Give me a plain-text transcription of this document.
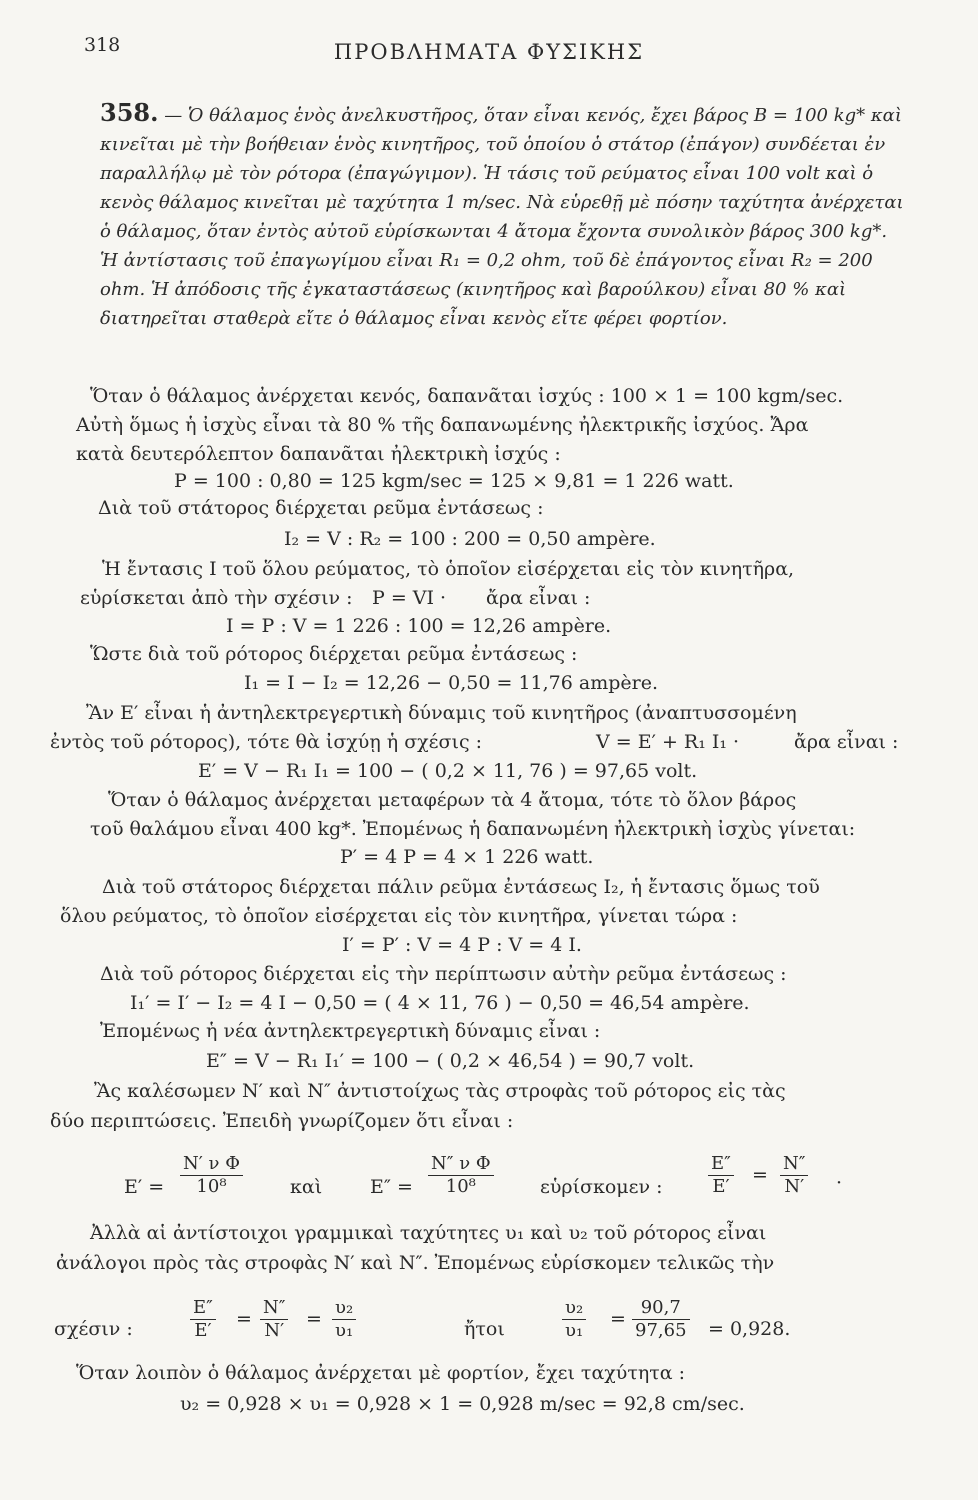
318	ΠΡΟΒΛΗΜΑΤΑ ΦΥΣΙΚΗΣ
358. — Ὁ θάλαμος ἑνὸς ἀνελκυστῆρος, ὅταν εἶναι κενός, ἔχει βάρος B = 100 kg* καὶ κινεῖται μὲ τὴν βοήθειαν ἑνὸς κινητῆρος, τοῦ ὁποίου ὁ στάτορ (ἐπάγον) συνδέεται ἐν παραλλήλῳ μὲ τὸν ρότορα (ἐπαγώγιμον). Ἡ τάσις τοῦ ρεύματος εἶναι 100 volt καὶ ὁ κενὸς θάλαμος κινεῖται μὲ ταχύτητα 1 m/sec. Νὰ εὑρεθῇ μὲ πόσην ταχύτητα ἀνέρχεται ὁ θάλαμος, ὅταν ἐντὸς αὐτοῦ εὑρίσκωνται 4 ἄτομα ἔχοντα συνολικὸν βάρος 300 kg*. Ἡ ἀντίστασις τοῦ ἐπαγωγίμου εἶναι R₁ = 0,2 ohm, τοῦ δὲ ἐπάγοντος εἶναι R₂ = 200 ohm. Ἡ ἀπόδοσις τῆς ἐγκαταστάσεως (κινητῆρος καὶ βαρούλκου) εἶναι 80 % καὶ διατηρεῖται σταθερὰ εἴτε ὁ θάλαμος εἶναι κενὸς εἴτε φέρει φορτίον.
Ὅταν ὁ θάλαμος ἀνέρχεται κενός, δαπανᾶται ἰσχύς : 100 × 1 = 100 kgm/sec.
Αὐτὴ ὅμως ἡ ἰσχὺς εἶναι τὰ 80 % τῆς δαπανωμένης ἠλεκτρικῆς ἰσχύος. Ἄρα
κατὰ δευτερόλεπτον δαπανᾶται ἠλεκτρικὴ ἰσχύς :
P = 100 : 0,80 = 125 kgm/sec = 125 × 9,81 = 1 226 watt.
Διὰ τοῦ στάτορος διέρχεται ρεῦμα ἐντάσεως :
I₂ = V : R₂ = 100 : 200 = 0,50 ampère.
Ἡ ἔντασις I τοῦ ὅλου ρεύματος, τὸ ὁποῖον εἰσέρχεται εἰς τὸν κινητῆρα,
εὑρίσκεται ἀπὸ τὴν σχέσιν : P = VI · ἄρα εἶναι :
I = P : V = 1 226 : 100 = 12,26 ampère.
Ὥστε διὰ τοῦ ρότορος διέρχεται ρεῦμα ἐντάσεως :
I₁ = I − I₂ = 12,26 − 0,50 = 11,76 ampère.
Ἂν E′ εἶναι ἡ ἀντηλεκτρεγερτικὴ δύναμις τοῦ κινητῆρος (ἀναπτυσσομένη
ἐντὸς τοῦ ρότορος), τότε θὰ ἰσχύῃ ἡ σχέσις :	V = E′ + R₁ I₁ ·	ἄρα εἶναι :
E′ = V − R₁ I₁ = 100 − ( 0,2 × 11, 76 ) = 97,65 volt.
Ὅταν ὁ θάλαμος ἀνέρχεται μεταφέρων τὰ 4 ἄτομα, τότε τὸ ὅλον βάρος
τοῦ θαλάμου εἶναι 400 kg*. Ἐπομένως ἡ δαπανωμένη ἠλεκτρικὴ ἰσχὺς γίνεται:
P′ = 4 P = 4 × 1 226 watt.
Διὰ τοῦ στάτορος διέρχεται πάλιν ρεῦμα ἐντάσεως I₂, ἡ ἔντασις ὅμως τοῦ
ὅλου ρεύματος, τὸ ὁποῖον εἰσέρχεται εἰς τὸν κινητῆρα, γίνεται τώρα :
I′ = P′ : V = 4 P : V = 4 I.
Διὰ τοῦ ρότορος διέρχεται εἰς τὴν περίπτωσιν αὐτὴν ρεῦμα ἐντάσεως :
I₁′ = I′ − I₂ = 4 I − 0,50 = ( 4 × 11, 76 ) − 0,50 = 46,54 ampère.
Ἐπομένως ἡ νέα ἀντηλεκτρεγερτικὴ δύναμις εἶναι :
E″ = V − R₁ I₁′ = 100 − ( 0,2 × 46,54 ) = 90,7 volt.
Ἂς καλέσωμεν N′ καὶ N″ ἀντιστοίχως τὰς στροφὰς τοῦ ρότορος εἰς τὰς
δύο περιπτώσεις. Ἐπειδὴ γνωρίζομεν ὅτι εἶναι :
$E' = \frac{\text{N′ ν Φ}}{\text{10⁸}}$ καὶ	$E'' = \frac{\text{N″ ν Φ}}{\text{10⁸}}$ εὑρίσκομεν :	$\frac{E''}{E'} = \frac{N''}{N'}$ ·
Ἀλλὰ αἱ ἀντίστοιχοι γραμμικαὶ ταχύτητες υ₁ καὶ υ₂ τοῦ ρότορος εἶναι
ἀνάλογοι πρὸς τὰς στροφὰς N′ καὶ N″. Ἐπομένως εὑρίσκομεν τελικῶς τὴν
σχέσιν :	$\frac{E''}{E'} = \frac{N''}{N'} = \frac{\text{υ₂}}{\text{υ₁}}$	ἤτοι	$\frac{\text{υ₂}}{\text{υ₁}} = \frac{90,7}{97,65} = 0,928$.
Ὅταν λοιπὸν ὁ θάλαμος ἀνέρχεται μὲ φορτίον, ἔχει ταχύτητα :
υ₂ = 0,928 × υ₁ = 0,928 × 1 = 0,928 m/sec = 92,8 cm/sec.
